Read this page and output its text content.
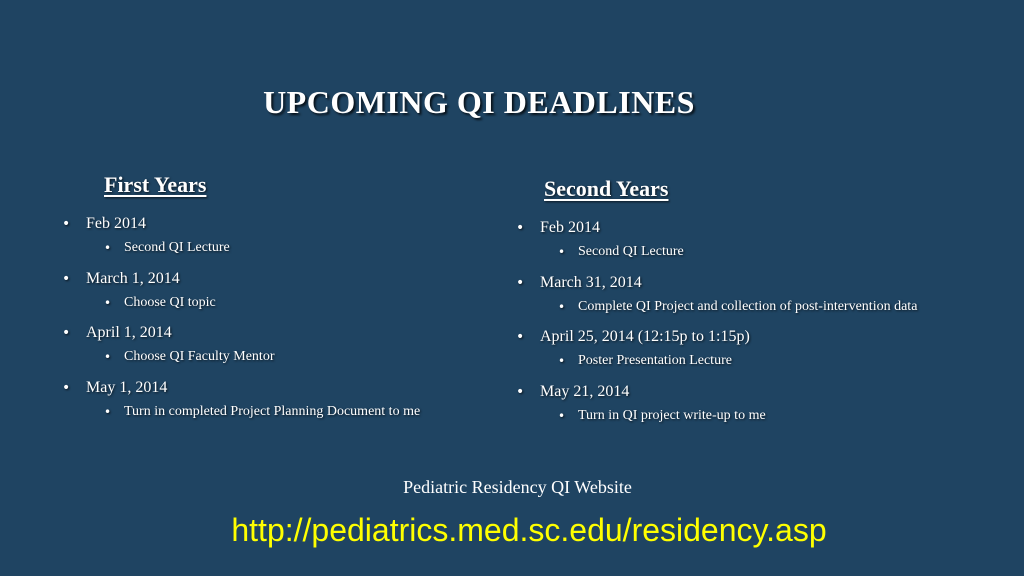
UPCOMING QI DEADLINES
First Years
• Feb 2014
• Second QI Lecture
• March 1, 2014
• Choose QI topic
• April 1, 2014
• Choose QI Faculty Mentor
• May 1, 2014
• Turn in completed Project Planning Document to me
Second Years
• Feb 2014
• Second QI Lecture
• March 31, 2014
• Complete QI Project and collection of post-intervention data
• April 25, 2014 (12:15p to 1:15p)
• Poster Presentation Lecture
• May 21, 2014
• Turn in QI project write-up to me
Pediatric Residency QI Website
http://pediatrics.med.sc.edu/residency.asp
